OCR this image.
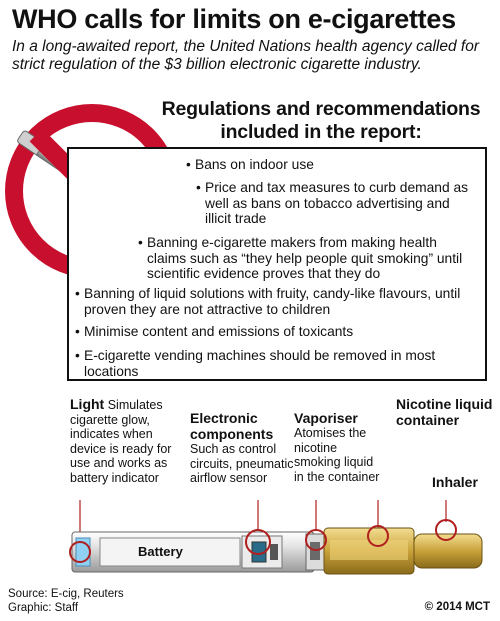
WHO calls for limits on e-cigarettes
In a long-awaited report, the United Nations health agency called for strict regulation of the $3 billion electronic cigarette industry.
Regulations and recommendations
included in the report:
• Bans on indoor use
• Price and tax measures to curb demand as well as bans on tobacco advertising and illicit trade
• Banning e-cigarette makers from making health claims such as “they help people quit smoking” until scientific evidence proves that they do
• Banning of liquid solutions with fruity, candy-like flavours, until proven they are not attractive to children
• Minimise content and emissions of toxicants
• E-cigarette vending machines should be removed in most locations
Light Simulates cigarette glow, indicates when device is ready for use and works as battery indicator
Electronic components
Such as control circuits, pneumatic airflow sensor
Vaporiser
Atomises the nicotine smoking liquid in the container
Nicotine liquid container
Inhaler
Battery
Source: E-cig, Reuters
Graphic: Staff	© 2014 MCT
